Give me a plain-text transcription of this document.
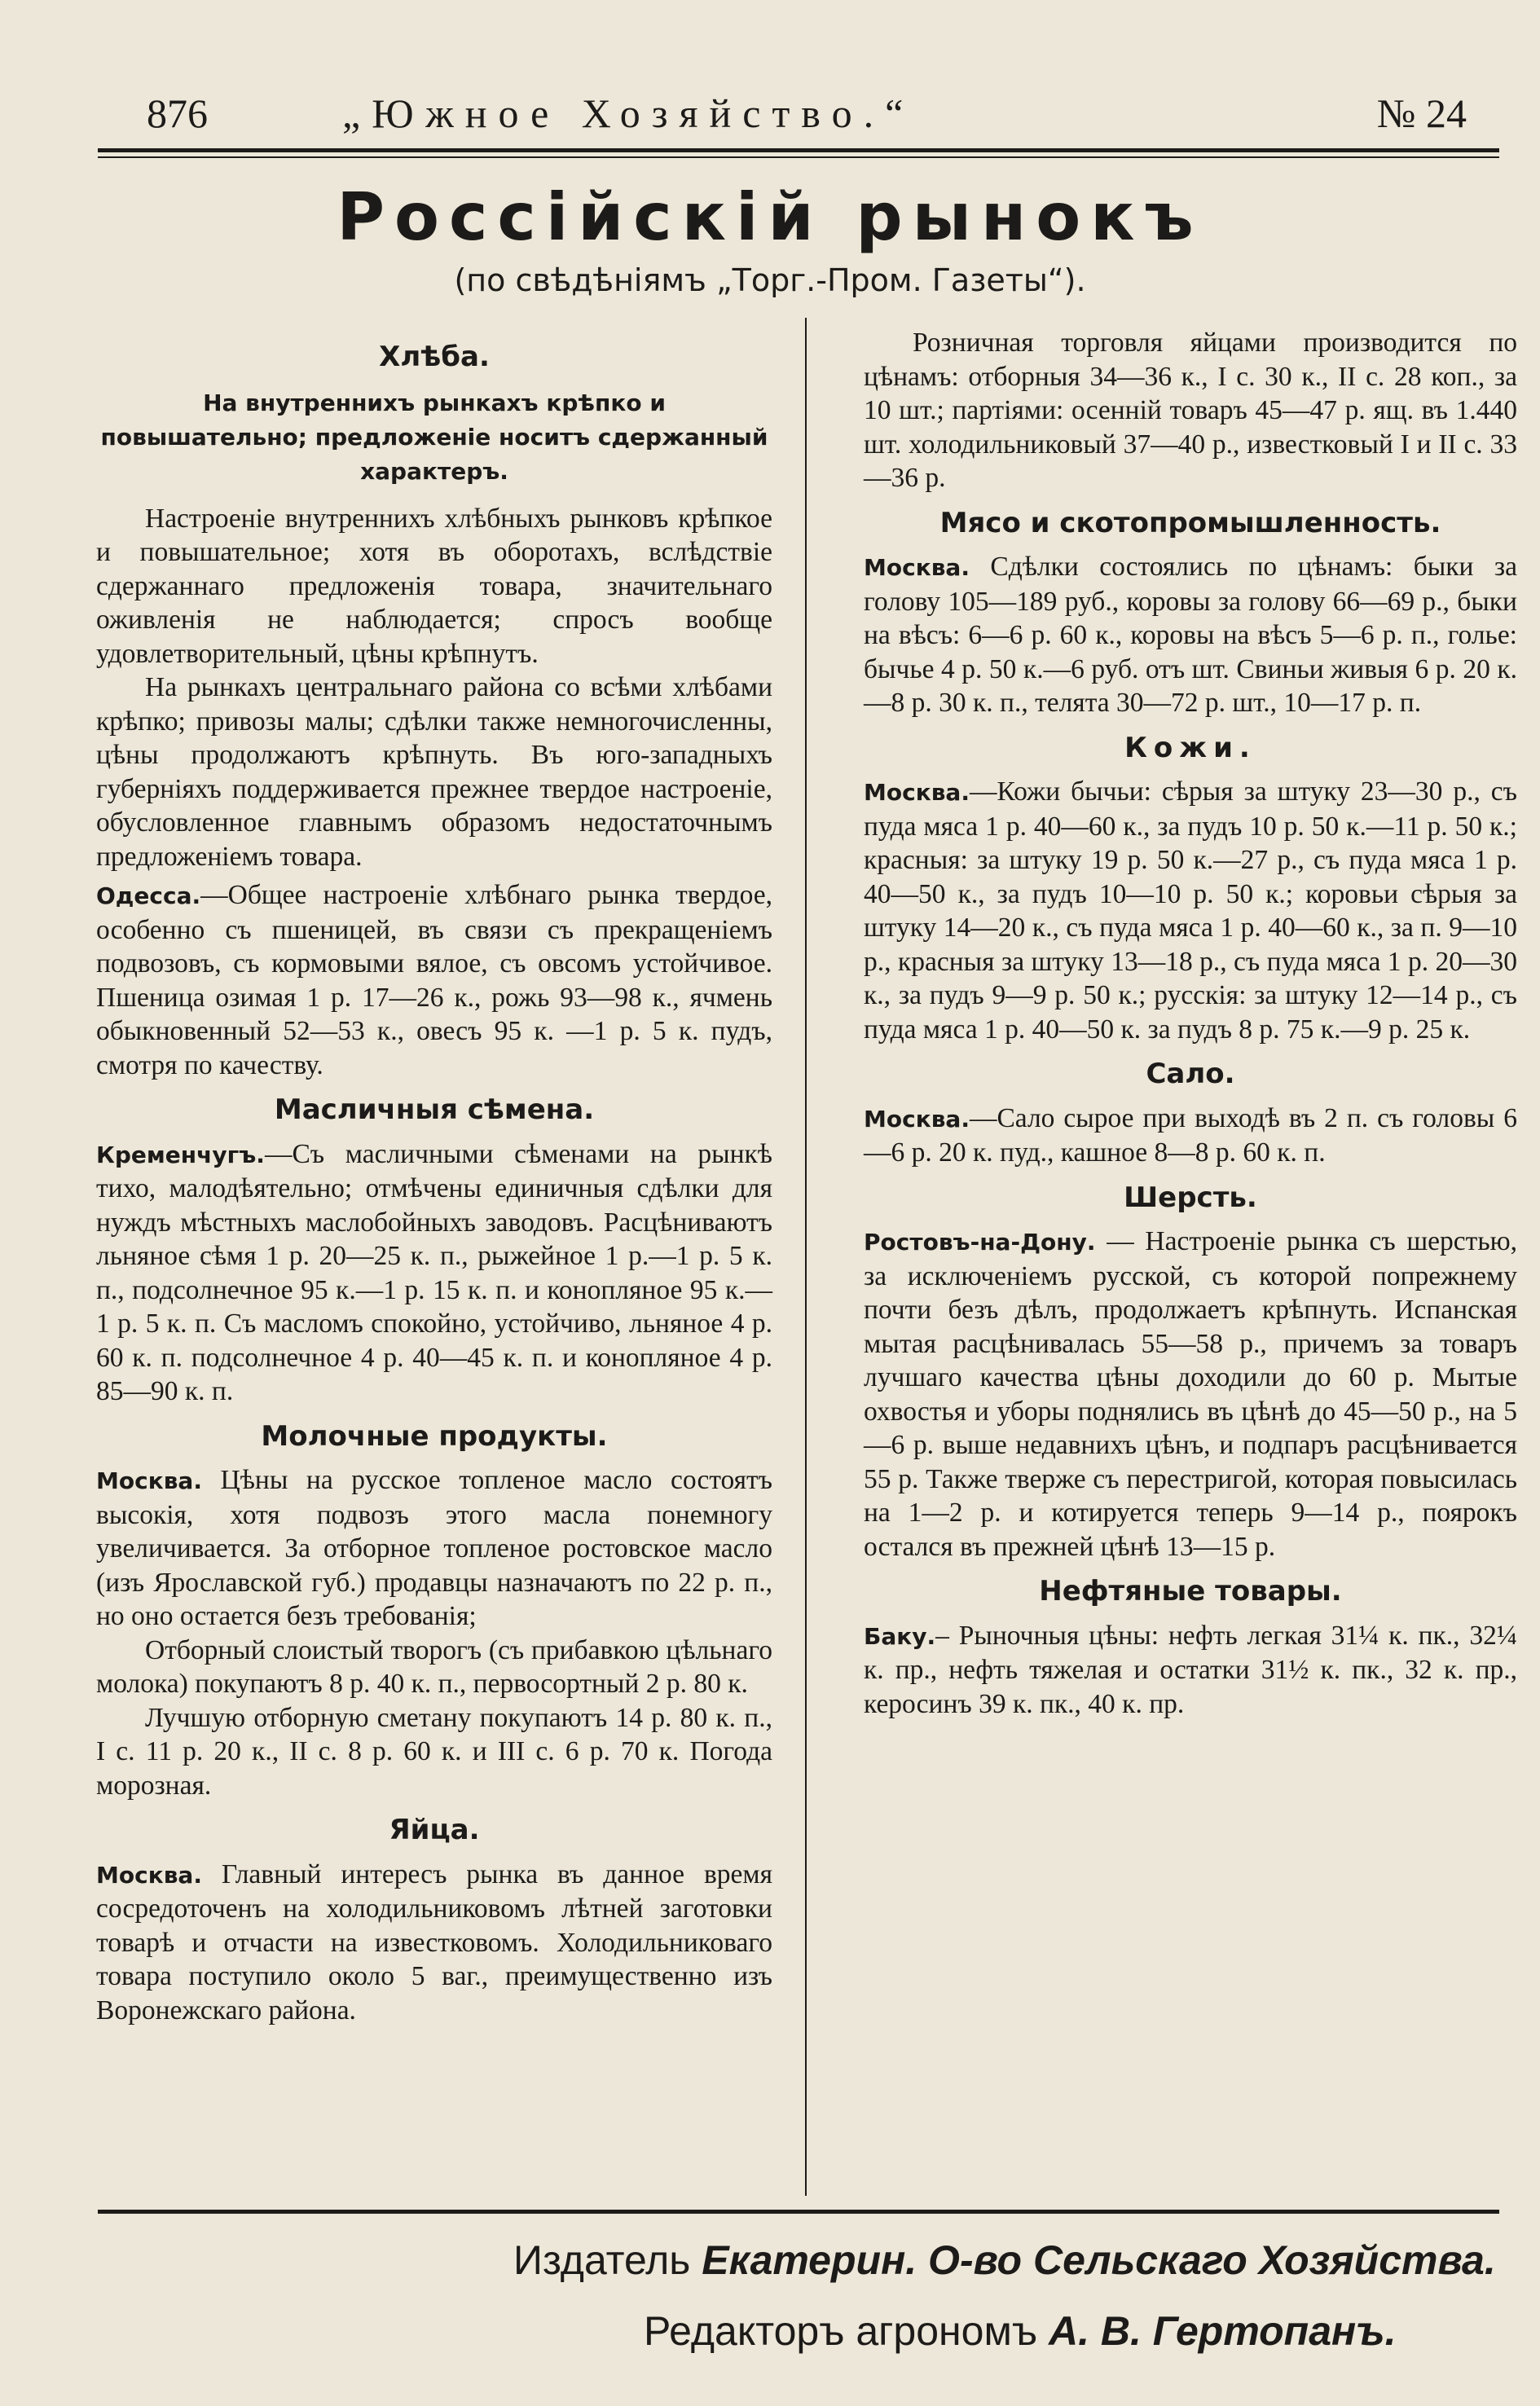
876	„Южное Хозяйство.“	№ 24
Россійскій рынокъ
(по свѣдѣніямъ „Торг.-Пром. Газеты“).
Хлѣба.

На внутреннихъ рынкахъ крѣпко и повышательно; предложеніе носитъ сдержанный характеръ.

Настроеніе внутреннихъ хлѣбныхъ рынковъ крѣпкое и повышательное; хотя въ оборотахъ, вслѣдствіе сдержаннаго предложенія товара, значительнаго оживленія не наблюдается; спросъ вообще удовлетворительный, цѣны крѣпнутъ.

На рынкахъ центральнаго района со всѣми хлѣбами крѣпко; привозы малы; сдѣлки также немногочисленны, цѣны продолжаютъ крѣпнуть. Въ юго-западныхъ губерніяхъ поддерживается прежнее твердое настроеніе, обусловленное главнымъ образомъ недостаточнымъ предложеніемъ товара.

Одесса.—Общее настроеніе хлѣбнаго рынка твердое, особенно съ пшеницей, въ связи съ прекращеніемъ подвозовъ, съ кормовыми вялое, съ овсомъ устойчивое. Пшеница озимая 1 р. 17—26 к., рожь 93—98 к., ячмень обыкновенный 52—53 к., овесъ 95 к. —1 р. 5 к. пудъ, смотря по качеству.

Масличныя сѣмена.

Кременчугъ.—Съ масличными сѣменами на рынкѣ тихо, малодѣятельно; отмѣчены единичныя сдѣлки для нуждъ мѣстныхъ маслобойныхъ заводовъ. Расцѣниваютъ льняное сѣмя 1 р. 20—25 к. п., рыжейное 1 р.—1 р. 5 к. п., подсолнечное 95 к.—1 р. 15 к. п. и конопляное 95 к.—1 р. 5 к. п. Съ масломъ спокойно, устойчиво, льняное 4 р. 60 к. п. подсолнечное 4 р. 40—45 к. п. и конопляное 4 р. 85—90 к. п.

Молочные продукты.

Москва. Цѣны на русское топленое масло состоятъ высокія, хотя подвозъ этого масла понемногу увеличивается. За отборное топленое ростовское масло (изъ Ярославской губ.) продавцы назначаютъ по 22 р. п., но оно остается безъ требованія;

Отборный слоистый творогъ (съ прибавкою цѣльнаго молока) покупаютъ 8 р. 40 к. п., первосортный 2 р. 80 к.

Лучшую отборную сметану покупаютъ 14 р. 80 к. п., I с. 11 р. 20 к., II с. 8 р. 60 к. и III с. 6 р. 70 к. Погода морозная.

Яйца.

Москва. Главный интересъ рынка въ данное время сосредоточенъ на холодильниковомъ лѣтней заготовки товарѣ и отчасти на известковомъ. Холодильниковаго товара поступило около 5 ваг., преимущественно изъ Воронежскаго района.

Розничная торговля яйцами производится по цѣнамъ: отборныя 34—36 к., I с. 30 к., II с. 28 коп., за 10 шт.; партіями: осенній товаръ 45—47 р. ящ. въ 1.440 шт. холодильниковый 37—40 р., известковый I и II с. 33—36 р.

Мясо и скотопромышленность.

Москва. Сдѣлки состоялись по цѣнамъ: быки за голову 105—189 руб., коровы за голову 66—69 р., быки на вѣсъ: 6—6 р. 60 к., коровы на вѣсъ 5—6 р. п., голье: бычье 4 р. 50 к.—6 руб. отъ шт. Свиньи живыя 6 р. 20 к.—8 р. 30 к. п., телята 30—72 р. шт., 10—17 р. п.

Кожи.

Москва.—Кожи бычьи: сѣрыя за штуку 23—30 р., съ пуда мяса 1 р. 40—60 к., за пудъ 10 р. 50 к.—11 р. 50 к.; красныя: за штуку 19 р. 50 к.—27 р., съ пуда мяса 1 р. 40—50 к., за пудъ 10—10 р. 50 к.; коровьи сѣрыя за штуку 14—20 к., съ пуда мяса 1 р. 40—60 к., за п. 9—10 р., красныя за штуку 13—18 р., съ пуда мяса 1 р. 20—30 к., за пудъ 9—9 р. 50 к.; русскія: за штуку 12—14 р., съ пуда мяса 1 р. 40—50 к. за пудъ 8 р. 75 к.—9 р. 25 к.

Сало.

Москва.—Сало сырое при выходѣ въ 2 п. съ головы 6—6 р. 20 к. пуд., кашное 8—8 р. 60 к. п.

Шерсть.

Ростовъ-на-Дону. — Настроеніе рынка съ шерстью, за исключеніемъ русской, съ которой попрежнему почти безъ дѣлъ, продолжаетъ крѣпнуть. Испанская мытая расцѣнивалась 55—58 р., причемъ за товаръ лучшаго качества цѣны доходили до 60 р. Мытые охвостья и уборы поднялись въ цѣнѣ до 45—50 р., на 5—6 р. выше недавнихъ цѣнъ, и подпаръ расцѣнивается 55 р. Также тверже съ перестригой, которая повысилась на 1—2 р. и котируется теперь 9—14 р., поярокъ остался въ прежней цѣнѣ 13—15 р.

Нефтяные товары.

Баку.– Рыночныя цѣны: нефть легкая 31¼ к. пк., 32¼ к. пр., нефть тяжелая и остатки 31½ к. пк., 32 к. пр., керосинъ 39 к. пк., 40 к. пр.

Издатель Екатерин. О-во Сельскаго Хозяйства.
Редакторъ агрономъ А. В. Гертопанъ.
